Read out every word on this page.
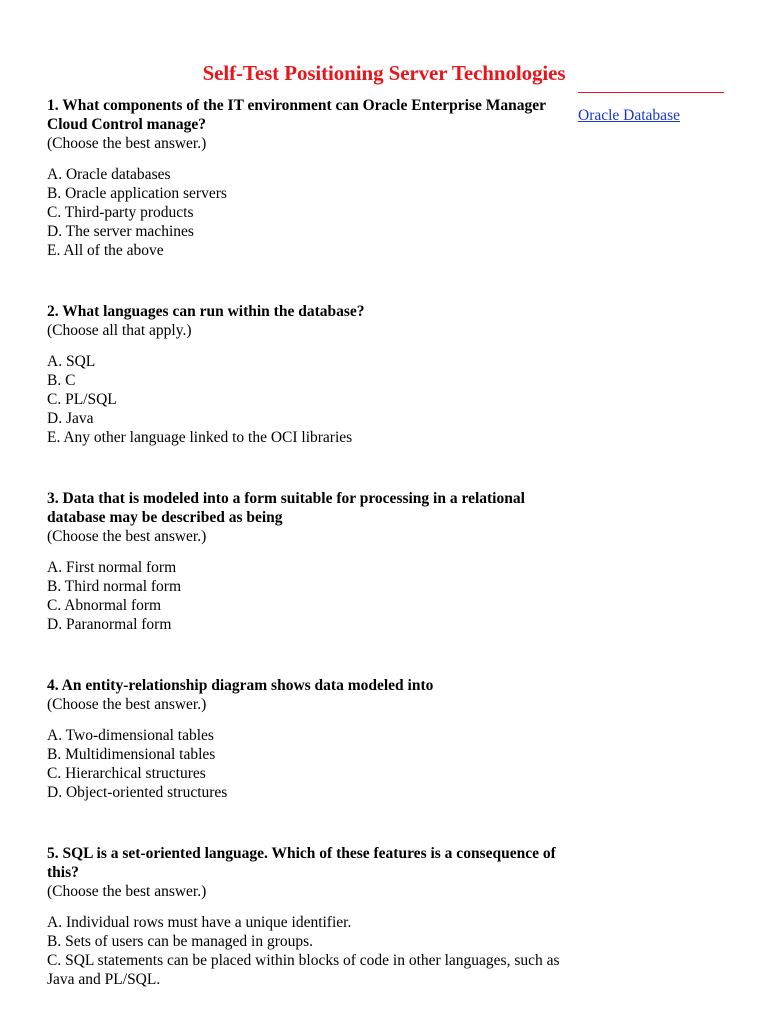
Self-Test Positioning Server Technologies
Oracle Database
1. What components of the IT environment can Oracle Enterprise Manager Cloud Control manage?
(Choose the best answer.)
A. Oracle databases
B. Oracle application servers
C. Third-party products
D. The server machines
E. All of the above
2. What languages can run within the database?
(Choose all that apply.)
A. SQL
B. C
C. PL/SQL
D. Java
E. Any other language linked to the OCI libraries
3. Data that is modeled into a form suitable for processing in a relational database may be described as being
(Choose the best answer.)
A. First normal form
B. Third normal form
C. Abnormal form
D. Paranormal form
4. An entity-relationship diagram shows data modeled into
(Choose the best answer.)
A. Two-dimensional tables
B. Multidimensional tables
C. Hierarchical structures
D. Object-oriented structures
5. SQL is a set-oriented language. Which of these features is a consequence of this?
(Choose the best answer.)
A. Individual rows must have a unique identifier.
B. Sets of users can be managed in groups.
C. SQL statements can be placed within blocks of code in other languages, such as Java and PL/SQL.
